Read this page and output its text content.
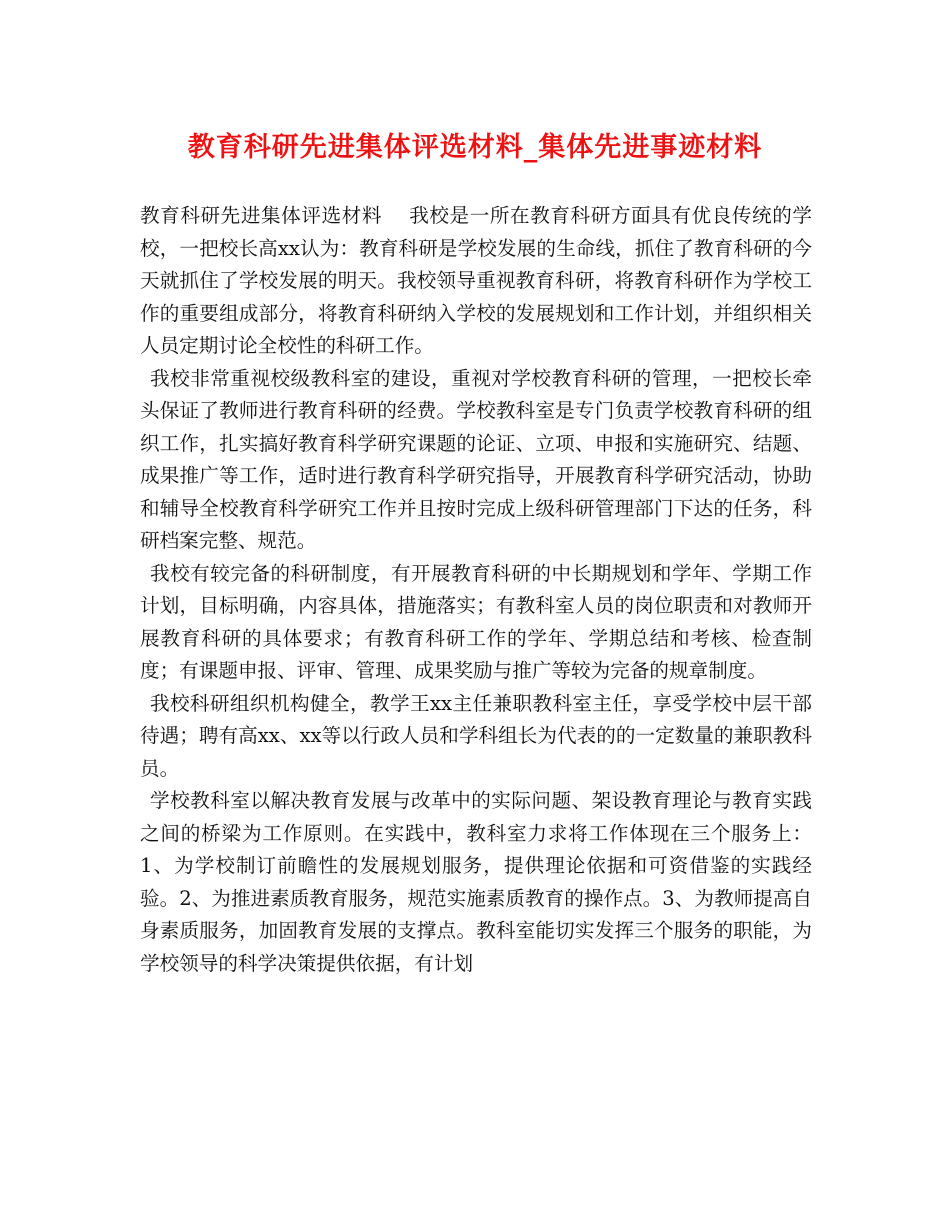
教育科研先进集体评选材料_集体先进事迹材料

教育科研先进集体评选材料    我校是一所在教育科研方面具有优良传统的学校，一把校长高xx认为：教育科研是学校发展的生命线，抓住了教育科研的今天就抓住了学校发展的明天。我校领导重视教育科研，将教育科研作为学校工作的重要组成部分，将教育科研纳入学校的发展规划和工作计划，并组织相关人员定期讨论全校性的科研工作。

我校非常重视校级教科室的建设，重视对学校教育科研的管理，一把校长牵头保证了教师进行教育科研的经费。学校教科室是专门负责学校教育科研的组织工作，扎实搞好教育科学研究课题的论证、立项、申报和实施研究、结题、成果推广等工作，适时进行教育科学研究指导，开展教育科学研究活动，协助和辅导全校教育科学研究工作并且按时完成上级科研管理部门下达的任务，科研档案完整、规范。

我校有较完备的科研制度，有开展教育科研的中长期规划和学年、学期工作计划，目标明确，内容具体，措施落实；有教科室人员的岗位职责和对教师开展教育科研的具体要求；有教育科研工作的学年、学期总结和考核、检查制度；有课题申报、评审、管理、成果奖励与推广等较为完备的规章制度。

我校科研组织机构健全，教学王xx主任兼职教科室主任，享受学校中层干部待遇；聘有高xx、xx等以行政人员和学科组长为代表的的一定数量的兼职教科员。

学校教科室以解决教育发展与改革中的实际问题、架设教育理论与教育实践之间的桥梁为工作原则。在实践中，教科室力求将工作体现在三个服务上：1、为学校制订前瞻性的发展规划服务，提供理论依据和可资借鉴的实践经验。2、为推进素质教育服务，规范实施素质教育的操作点。3、为教师提高自身素质服务，加固教育发展的支撑点。教科室能切实发挥三个服务的职能，为学校领导的科学决策提供依据，有计划
